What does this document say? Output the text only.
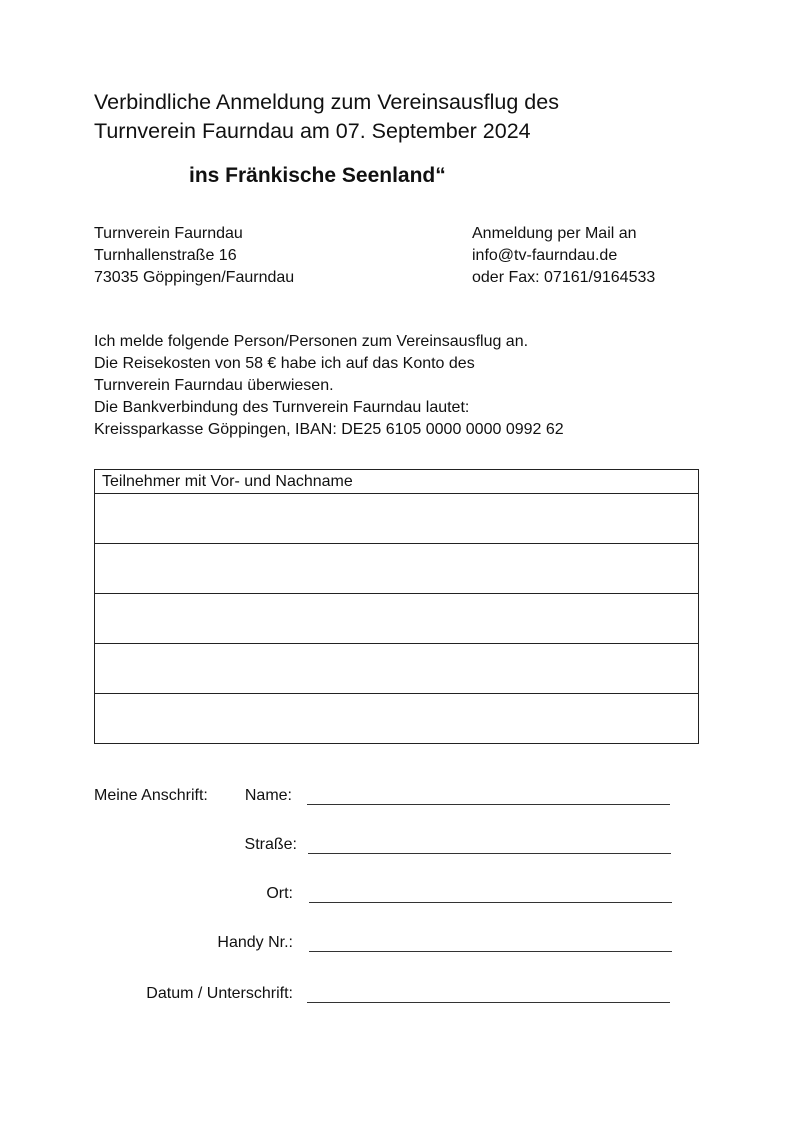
Verbindliche Anmeldung zum Vereinsausflug des
Turnverein Faurndau am 07. September 2024
ins Fränkische Seenland“
Turnverein Faurndau
Turnhallenstraße 16
73035 Göppingen/Faurndau
Anmeldung per Mail an
info@tv-faurndau.de
oder Fax: 07161/9164533
Ich melde folgende Person/Personen zum Vereinsausflug an.
Die Reisekosten von 58 € habe ich auf das Konto des
Turnverein Faurndau überwiesen.
Die Bankverbindung des Turnverein Faurndau lautet:
Kreissparkasse Göppingen, IBAN: DE25 6105 0000 0000 0992 62
Teilnehmer mit Vor- und Nachname

Meine Anschrift:	Name:
Straße:
Ort:
Handy Nr.:
Datum / Unterschrift:
